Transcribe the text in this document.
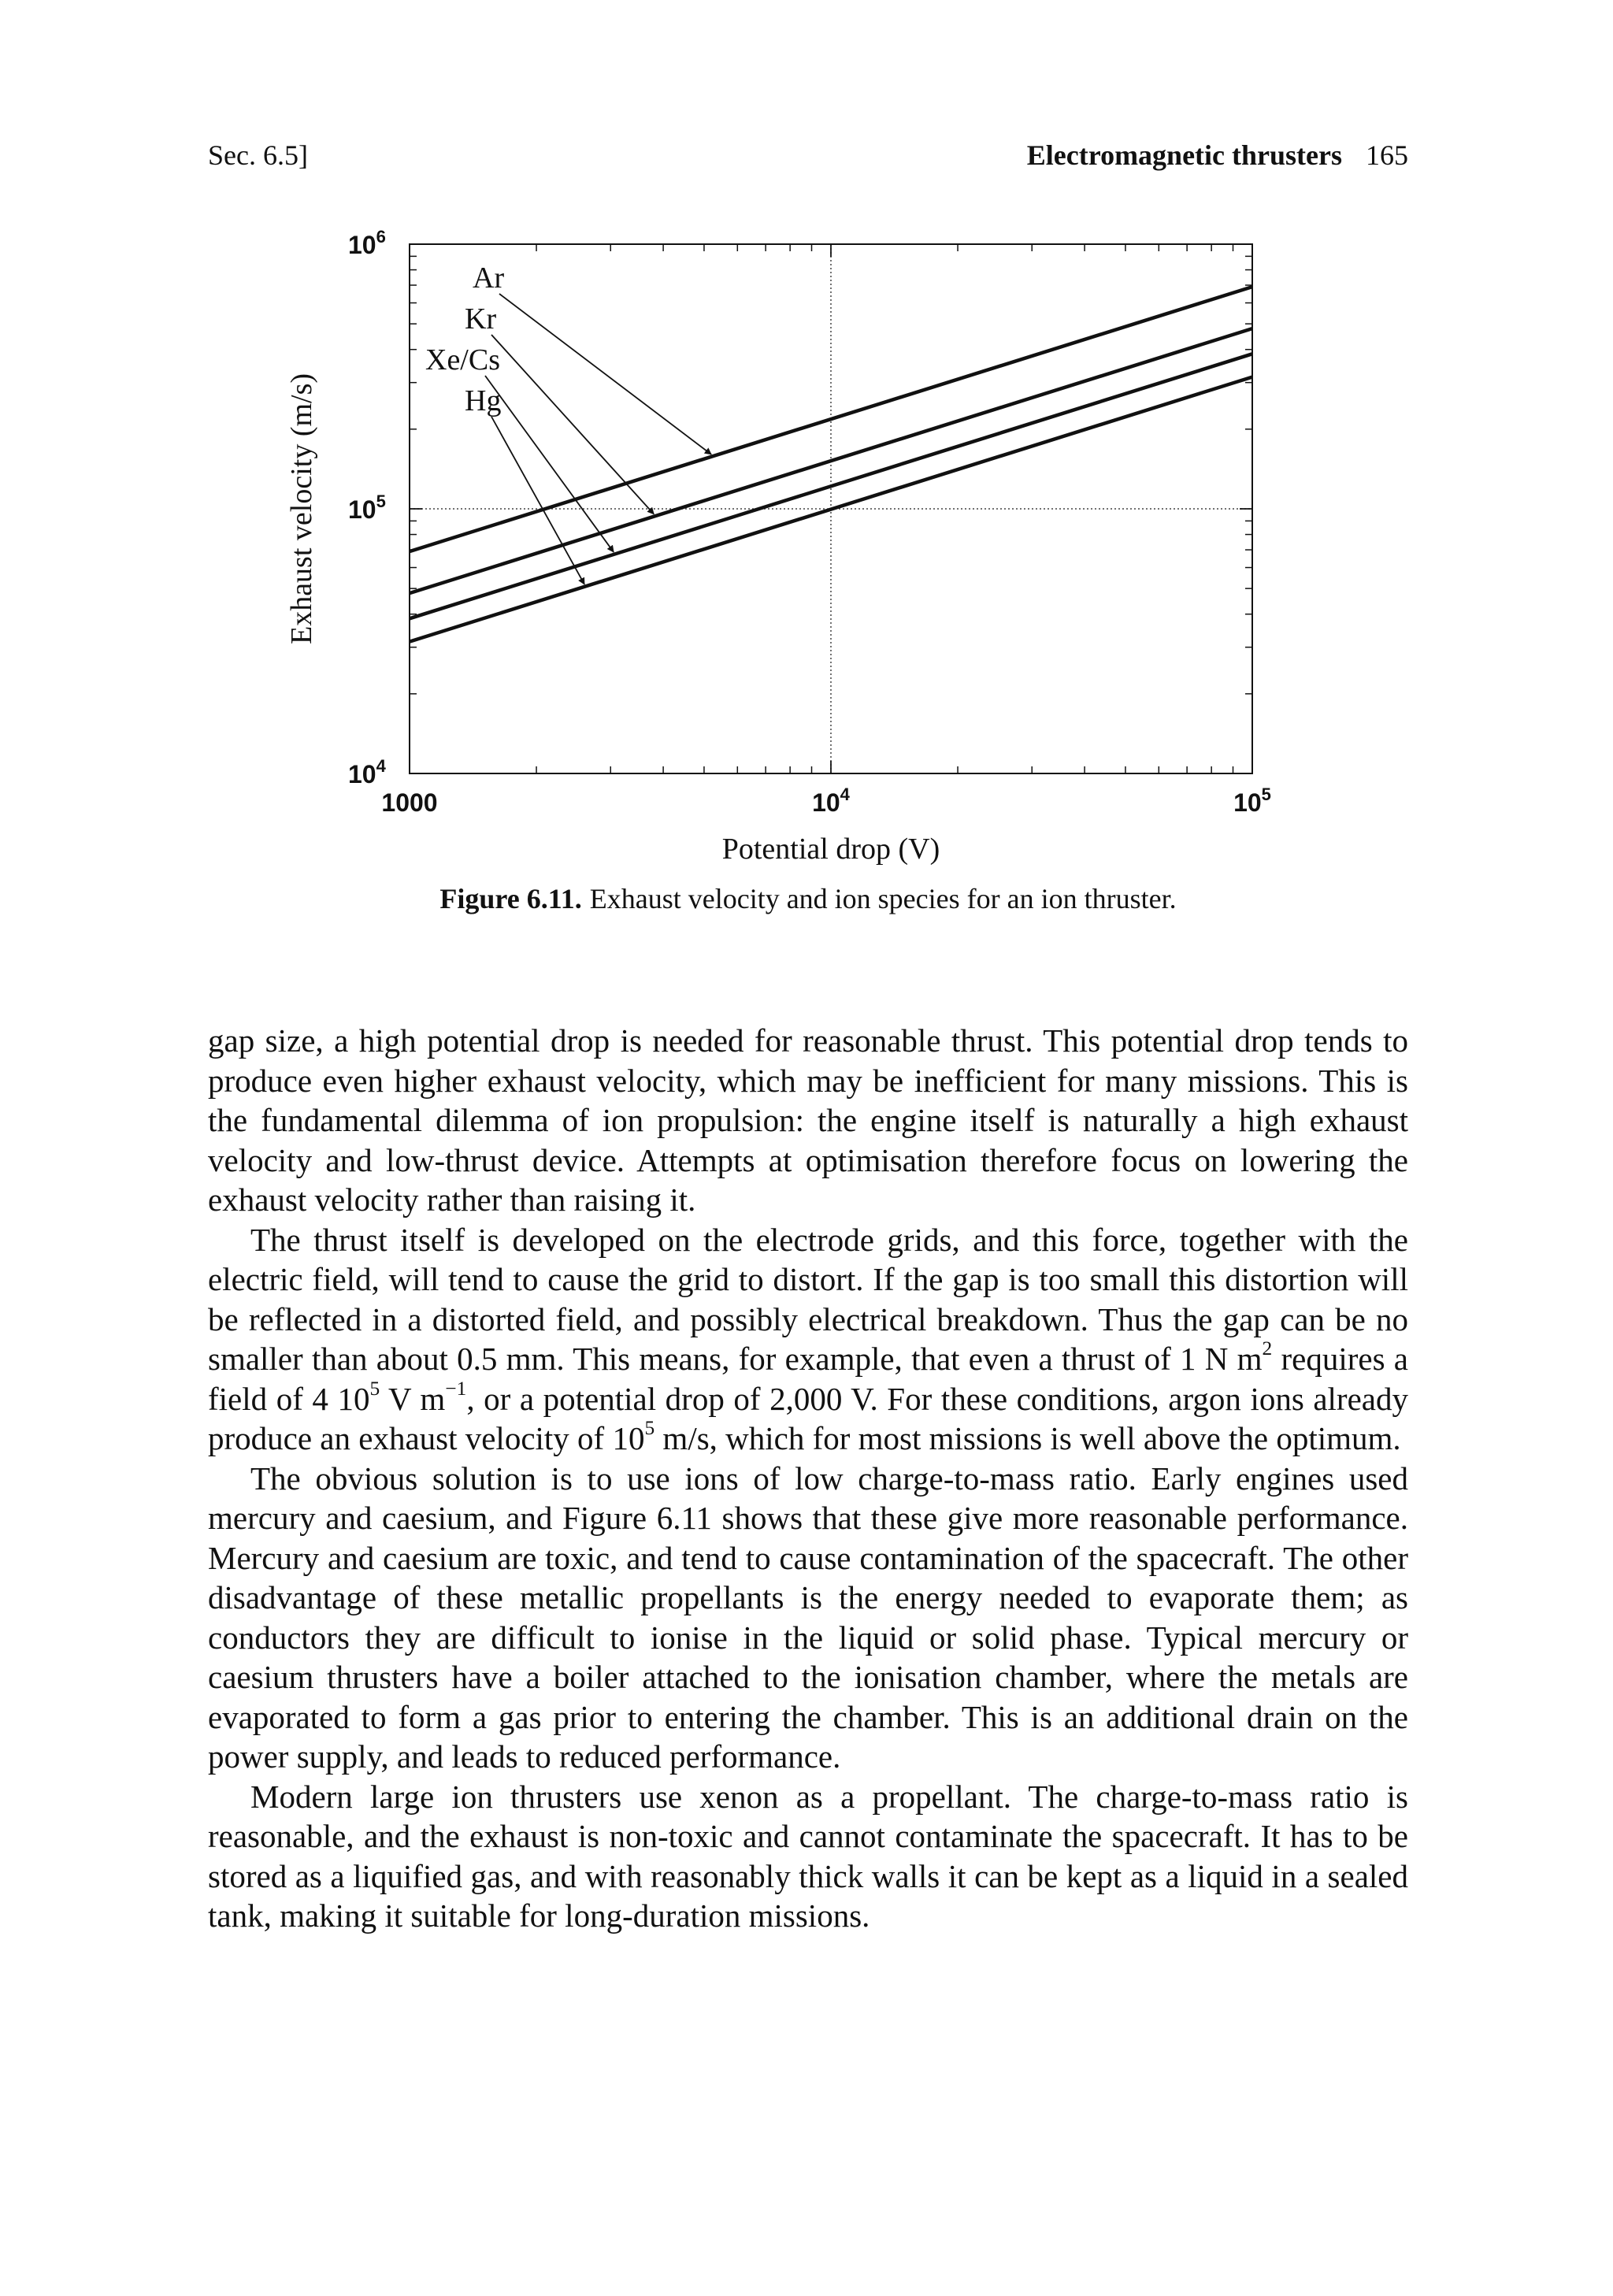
Sec. 6.5]	Electromagnetic thrusters 165
1000	$10^4$	$10^5$
$10^4$
$10^5$
$10^6$
Potential drop (V)
Exhaust velocity (m/s)
Ar
Kr
Xe/Cs
Hg
Figure 6.11. Exhaust velocity and ion species for an ion thruster.

gap size, a high potential drop is needed for reasonable thrust. This potential drop tends to produce even higher exhaust velocity, which may be inefficient for many missions. This is the fundamental dilemma of ion propulsion: the engine itself is naturally a high exhaust velocity and low-thrust device. Attempts at optimisation therefore focus on lowering the exhaust velocity rather than raising it.

The thrust itself is developed on the electrode grids, and this force, together with the electric field, will tend to cause the grid to distort. If the gap is too small this distortion will be reflected in a distorted field, and possibly electrical breakdown. Thus the gap can be no smaller than about 0.5 mm. This means, for example, that even a thrust of 1 N $m^2$ requires a field of 4 $10^5$ V $m^{-1}$, or a potential drop of 2,000 V. For these conditions, argon ions already produce an exhaust velocity of $10^5$ m/s, which for most missions is well above the optimum.

The obvious solution is to use ions of low charge-to-mass ratio. Early engines used mercury and caesium, and Figure 6.11 shows that these give more reasonable performance. Mercury and caesium are toxic, and tend to cause contamination of the spacecraft. The other disadvantage of these metallic propellants is the energy needed to evaporate them; as conductors they are difficult to ionise in the liquid or solid phase. Typical mercury or caesium thrusters have a boiler attached to the ionisation chamber, where the metals are evaporated to form a gas prior to entering the chamber. This is an additional drain on the power supply, and leads to reduced performance.

Modern large ion thrusters use xenon as a propellant. The charge-to-mass ratio is reasonable, and the exhaust is non-toxic and cannot contaminate the spacecraft. It has to be stored as a liquified gas, and with reasonably thick walls it can be kept as a liquid in a sealed tank, making it suitable for long-duration missions.
